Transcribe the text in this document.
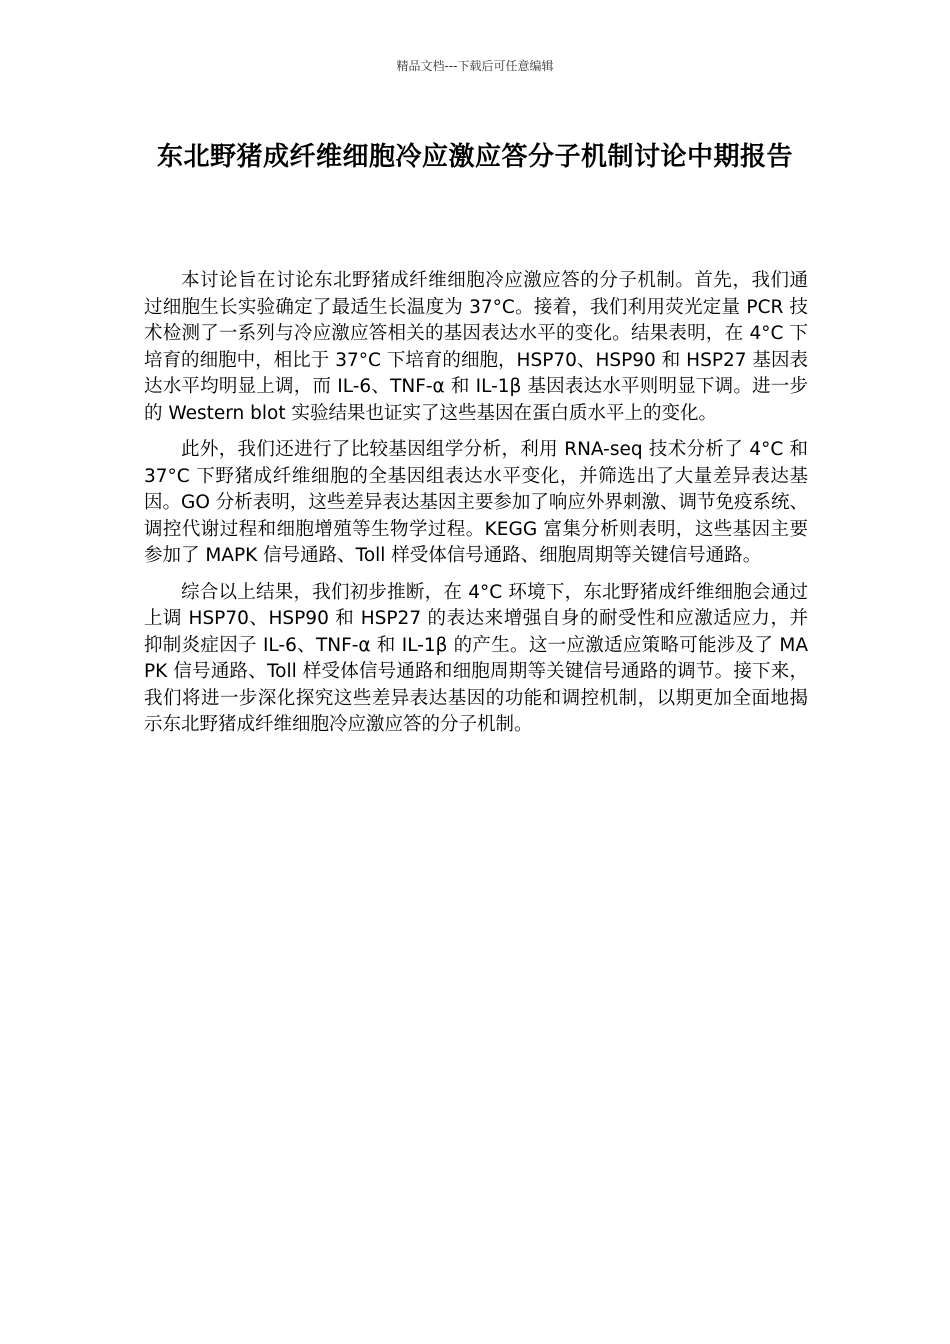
精品文档---下载后可任意编辑
东北野猪成纤维细胞冷应激应答分子机制讨论中期报告

本讨论旨在讨论东北野猪成纤维细胞冷应激应答的分子机制。首先，我们通过细胞生长实验确定了最适生长温度为 37°C。接着，我们利用荧光定量 PCR 技术检测了一系列与冷应激应答相关的基因表达水平的变化。结果表明，在 4°C 下培育的细胞中，相比于 37°C 下培育的细胞，HSP70、HSP90 和 HSP27 基因表达水平均明显上调，而 IL-6、TNF-α 和 IL-1β 基因表达水平则明显下调。进一步的 Western blot 实验结果也证实了这些基因在蛋白质水平上的变化。

此外，我们还进行了比较基因组学分析，利用 RNA-seq 技术分析了 4°C 和 37°C 下野猪成纤维细胞的全基因组表达水平变化，并筛选出了大量差异表达基因。GO 分析表明，这些差异表达基因主要参加了响应外界刺激、调节免疫系统、调控代谢过程和细胞增殖等生物学过程。KEGG 富集分析则表明，这些基因主要参加了 MAPK 信号通路、Toll 样受体信号通路、细胞周期等关键信号通路。

综合以上结果，我们初步推断，在 4°C 环境下，东北野猪成纤维细胞会通过上调 HSP70、HSP90 和 HSP27 的表达来增强自身的耐受性和应激适应力，并抑制炎症因子 IL-6、TNF-α 和 IL-1β 的产生。这一应激适应策略可能涉及了 MAPK 信号通路、Toll 样受体信号通路和细胞周期等关键信号通路的调节。接下来，我们将进一步深化探究这些差异表达基因的功能和调控机制，以期更加全面地揭示东北野猪成纤维细胞冷应激应答的分子机制。
